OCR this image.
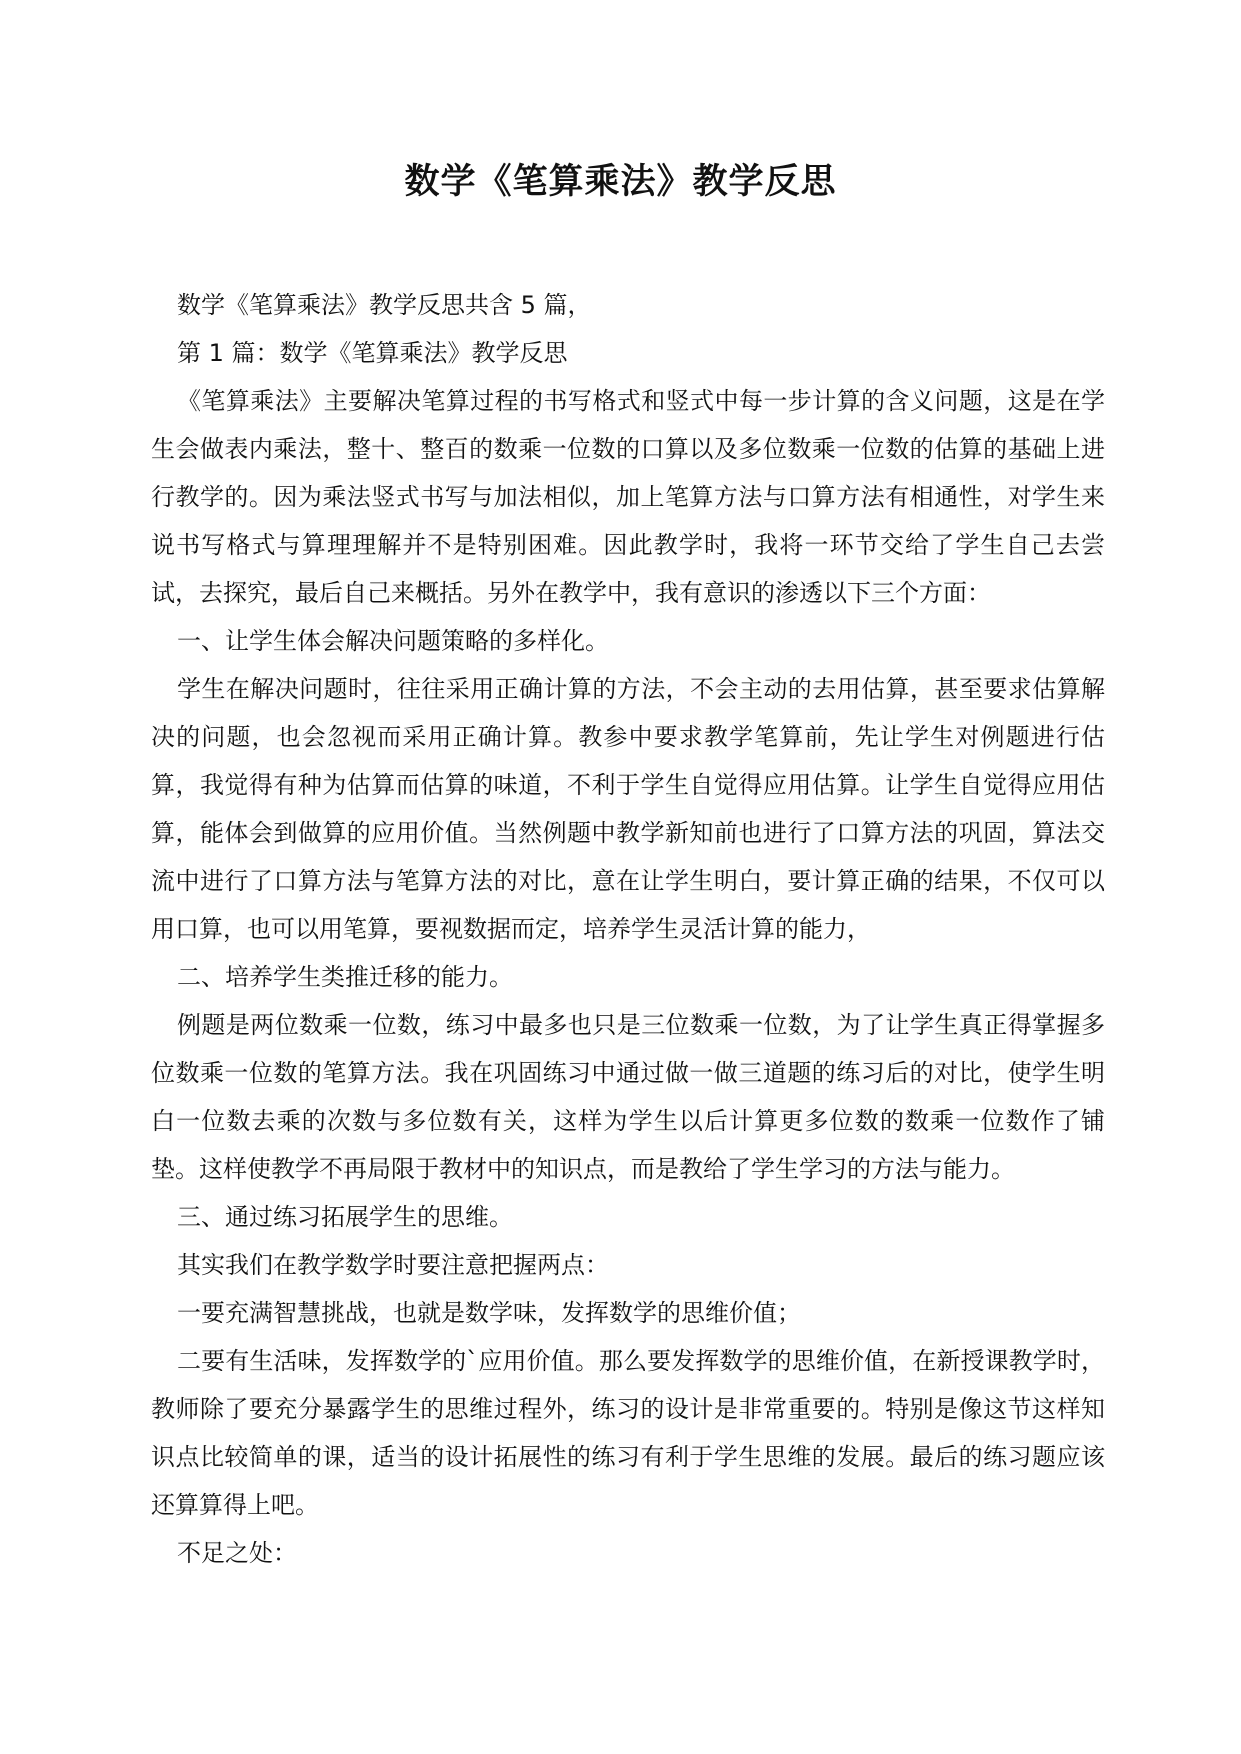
数学《笔算乘法》教学反思

数学《笔算乘法》教学反思共含 5 篇，

第 1 篇：数学《笔算乘法》教学反思

《笔算乘法》主要解决笔算过程的书写格式和竖式中每一步计算的含义问题，这是在学生会做表内乘法，整十、整百的数乘一位数的口算以及多位数乘一位数的估算的基础上进行教学的。因为乘法竖式书写与加法相似，加上笔算方法与口算方法有相通性，对学生来说书写格式与算理理解并不是特别困难。因此教学时，我将一环节交给了学生自己去尝试，去探究，最后自己来概括。另外在教学中，我有意识的渗透以下三个方面：

一、让学生体会解决问题策略的多样化。

学生在解决问题时，往往采用正确计算的方法，不会主动的去用估算，甚至要求估算解决的问题，也会忽视而采用正确计算。教参中要求教学笔算前，先让学生对例题进行估算，我觉得有种为估算而估算的味道，不利于学生自觉得应用估算。让学生自觉得应用估算，能体会到做算的应用价值。当然例题中教学新知前也进行了口算方法的巩固，算法交流中进行了口算方法与笔算方法的对比，意在让学生明白，要计算正确的结果，不仅可以用口算，也可以用笔算，要视数据而定，培养学生灵活计算的能力，

二、培养学生类推迁移的能力。

例题是两位数乘一位数，练习中最多也只是三位数乘一位数，为了让学生真正得掌握多位数乘一位数的笔算方法。我在巩固练习中通过做一做三道题的练习后的对比，使学生明白一位数去乘的次数与多位数有关，这样为学生以后计算更多位数的数乘一位数作了铺垫。这样使教学不再局限于教材中的知识点，而是教给了学生学习的方法与能力。

三、通过练习拓展学生的思维。

其实我们在教学数学时要注意把握两点：

一要充满智慧挑战，也就是数学味，发挥数学的思维价值；

二要有生活味，发挥数学的`应用价值。那么要发挥数学的思维价值，在新授课教学时，教师除了要充分暴露学生的思维过程外，练习的设计是非常重要的。特别是像这节这样知识点比较简单的课，适当的设计拓展性的练习有利于学生思维的发展。最后的练习题应该还算算得上吧。

不足之处：
